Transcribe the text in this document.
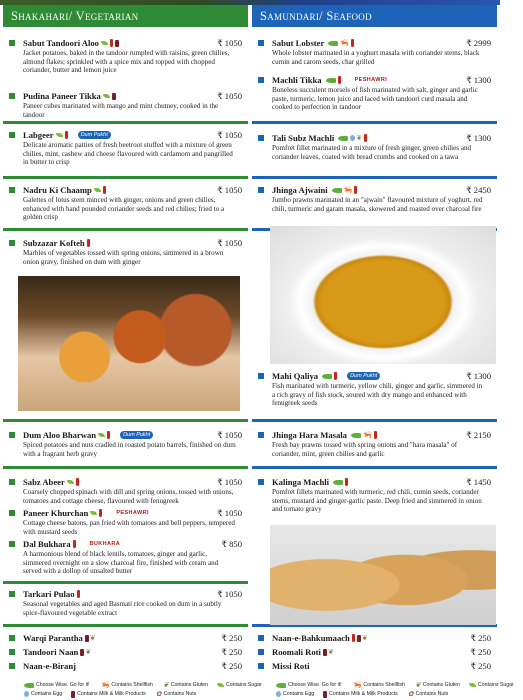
Shakahari/ Vegetarian
Sabut Tandoori Aloo	₹ 1050
Jacket potatoes, baked in the tandoor rumpled with raisins, green chilies, almond flakes; sprinkled with a spice mix and topped with chopped coriander, butter and lemon juice
Pudina Paneer Tikka	₹ 1050
Paneer cubes marinated with mango and mint chutney, cooked in the tandoor
Labgeer	Dum Pukht	₹ 1050
Delicate aromatic patties of fresh beetroot stuffed with a mixture of green chilies, mint, cashew and cheese flavoured with cardamom and pangrilled in butter to crisp
Nadru Ki Chaamp	₹ 1050
Galettes of lotus stem minced with ginger, onions and green chilies, enhanced with hand pounded coriander seeds and red chilies; fried to a golden crisp
Subzazar Kofteh	₹ 1050
Marbles of vegetables tossed with spring onions, simmered in a brown onion gravy, finished on dum with ginger
Dum Aloo Bharwan	Dum Pukht	₹ 1050
Spiced potatoes and nuts cradled in roasted potato barrels, finished on dum with a fragrant herb gravy
Sabz Abeer	₹ 1050
Coarsely chopped spinach with dill and spring onions, tossed with onions, tomatoes and cottage cheese, flavoured with fenugreek
Paneer Khurchan	PESHAWRI	₹ 1050
Cottage cheese batons, pan fried with tomatoes and bell peppers, tempered with mustard seeds
Dal Bukhara	BUKHARA	₹ 850
A harmonious blend of black lentils, tomatoes, ginger and garlic, simmered overnight on a slow charcoal fire, finished with cream and served with a dollop of unsalted butter
Tarkari Pulao	₹ 1050
Seasonal vegetables and aged Basmati rice cooked on dum in a subtly spice-flavoured vegetable extract
Warqi Parantha ❦	₹ 250
Tandoori Naan ❦	₹ 250
Naan-e-Biranj	₹ 250
Samundari/ Seafood
Sabut Lobster 🦐	₹ 2999
Whole lobster marinated in a yoghurt masala with coriander stems, black cumin and carom seeds, char grilled
Machli Tikka	PESHAWRI	₹ 1300
Boneless succulent morsels of fish marinated with salt, ginger and garlic paste, turmeric, lemon juice and laced with tandoori curd masala and cooked to perfection in tandoor
Tali Subz Machli	❦	₹ 1300
Pomfret fillet marinated in a mixture of fresh ginger, green chilies and coriander leaves, coated with bread crumbs and cooked on a tawa
Jhinga Ajwaini 🦐	₹ 2450
Jumbo prawns marinated in an "ajwain" flavoured mixture of yoghurt, red chili, turmeric and garam masala, skewered and roasted over charcoal fire
Mahi Qaliya	Dum Pukht	₹ 1300
Fish marinated with turmeric, yellow chili, ginger and garlic, simmered in a rich gravy of fish stock, soured with dry mango and enhanced with fenugreek seeds
Jhinga Hara Masala 🦐	₹ 2150
Fresh bay prawns tossed with spring onions and "hara masala" of coriander, mint, green chilies and garlic
Kalinga Machli	₹ 1450
Pomfret fillets marinated with turmeric, red chili, cumin seeds, coriander stems, mustard and ginger-garlic paste. Deep fried and simmered in onion and tomato gravy
Naan-e-Bahkumaach ❦	₹ 250
Roomali Roti ❦	₹ 250
Missi Roti	₹ 250
Choose Wise. Go for it! 🦐 Contains Shellfish ❦ Contains Gluten	Contains Sugar
Contains Egg	Contains Milk & Milk Products ✿ Contains Nuts
Choose Wise. Go for it! 🦐 Contains Shellfish ❦ Contains Gluten	Contains Sugar
Contains Egg	Contains Milk & Milk Products ✿ Contains Nuts
